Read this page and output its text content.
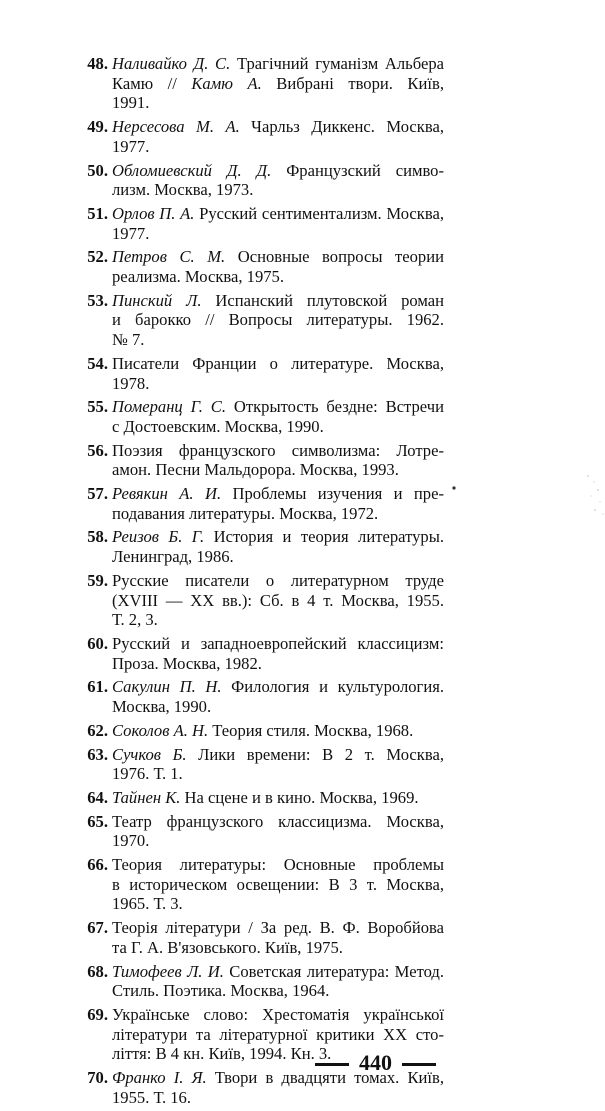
48. Наливайко Д. С. Трагічний гуманізм Альбера
Камю // Камю А. Вибрані твори. Київ,
1991.
49. Нерсесова М. А. Чарльз Диккенс. Москва,
1977.
50. Обломиевский Д. Д. Французский симво-
лизм. Москва, 1973.
51. Орлов П. А. Русский сентиментализм. Москва,
1977.
52. Петров С. М. Основные вопросы теории
реализма. Москва, 1975.
53. Пинский Л. Испанский плутовской роман
и барокко // Вопросы литературы. 1962.
№ 7.
54. Писатели Франции о литературе. Москва,
1978.
55. Померанц Г. С. Открытость бездне: Встречи
с Достоевским. Москва, 1990.
56. Поэзия французского символизма: Лотре-
амон. Песни Мальдорора. Москва, 1993.
57. Ревякин А. И. Проблемы изучения и пре-
подавания литературы. Москва, 1972.
58. Реизов Б. Г. История и теория литературы.
Ленинград, 1986.
59. Русские писатели о литературном труде
(XVIII — XX вв.): Сб. в 4 т. Москва, 1955.
Т. 2, 3.
60. Русский и западноевропейский классицизм:
Проза. Москва, 1982.
61. Сакулин П. Н. Филология и культурология.
Москва, 1990.
62. Соколов А. Н. Теория стиля. Москва, 1968.
63. Сучков Б. Лики времени: В 2 т. Москва,
1976. Т. 1.
64. Тайнен К. На сцене и в кино. Москва, 1969.
65. Театр французского классицизма. Москва,
1970.
66. Теория литературы: Основные проблемы
в историческом освещении: В 3 т. Москва,
1965. Т. 3.
67. Теорія літератури / За ред. В. Ф. Воробйова
та Г. А. В'язовського. Київ, 1975.
68. Тимофеев Л. И. Советская литература: Метод.
Стиль. Поэтика. Москва, 1964.
69. Українське слово: Хрестоматія української
літератури та літературної критики ХХ сто-
ліття: В 4 кн. Київ, 1994. Кн. 3.
70. Франко І. Я. Твори в двадцяти томах. Київ,
1955. Т. 16.
440
